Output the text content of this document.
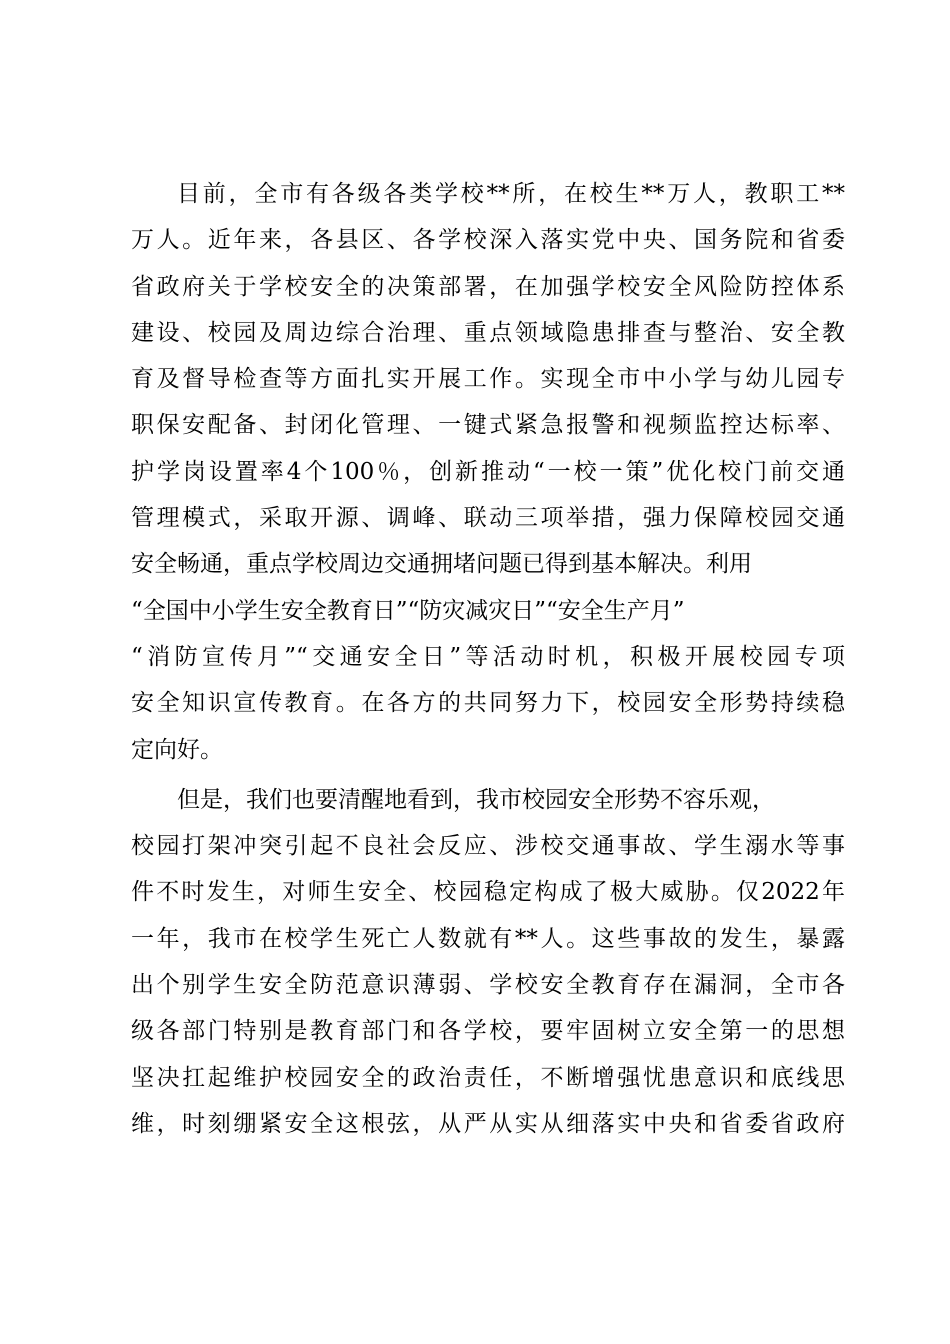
目前，全市有各级各类学校**所，在校生**万人，教职工**
万人。近年来，各县区、各学校深入落实党中央、国务院和省委
省政府关于学校安全的决策部署，在加强学校安全风险防控体系
建设、校园及周边综合治理、重点领域隐患排查与整治、安全教
育及督导检查等方面扎实开展工作。实现全市中小学与幼儿园专
职保安配备、封闭化管理、一键式紧急报警和视频监控达标率、
护学岗设置率4个100％，创新推动“一校一策”优化校门前交通
管理模式，采取开源、调峰、联动三项举措，强力保障校园交通
安全畅通，重点学校周边交通拥堵问题已得到基本解决。利用
“全国中小学生安全教育日”“防灾减灾日”“安全生产月”
“消防宣传月”“交通安全日”等活动时机，积极开展校园专项
安全知识宣传教育。在各方的共同努力下，校园安全形势持续稳
定向好。
但是，我们也要清醒地看到，我市校园安全形势不容乐观，
校园打架冲突引起不良社会反应、涉校交通事故、学生溺水等事
件不时发生，对师生安全、校园稳定构成了极大威胁。仅2022年
一年，我市在校学生死亡人数就有**人。这些事故的发生，暴露
出个别学生安全防范意识薄弱、学校安全教育存在漏洞，全市各
级各部门特别是教育部门和各学校，要牢固树立安全第一的思想
坚决扛起维护校园安全的政治责任，不断增强忧患意识和底线思
维，时刻绷紧安全这根弦，从严从实从细落实中央和省委省政府
